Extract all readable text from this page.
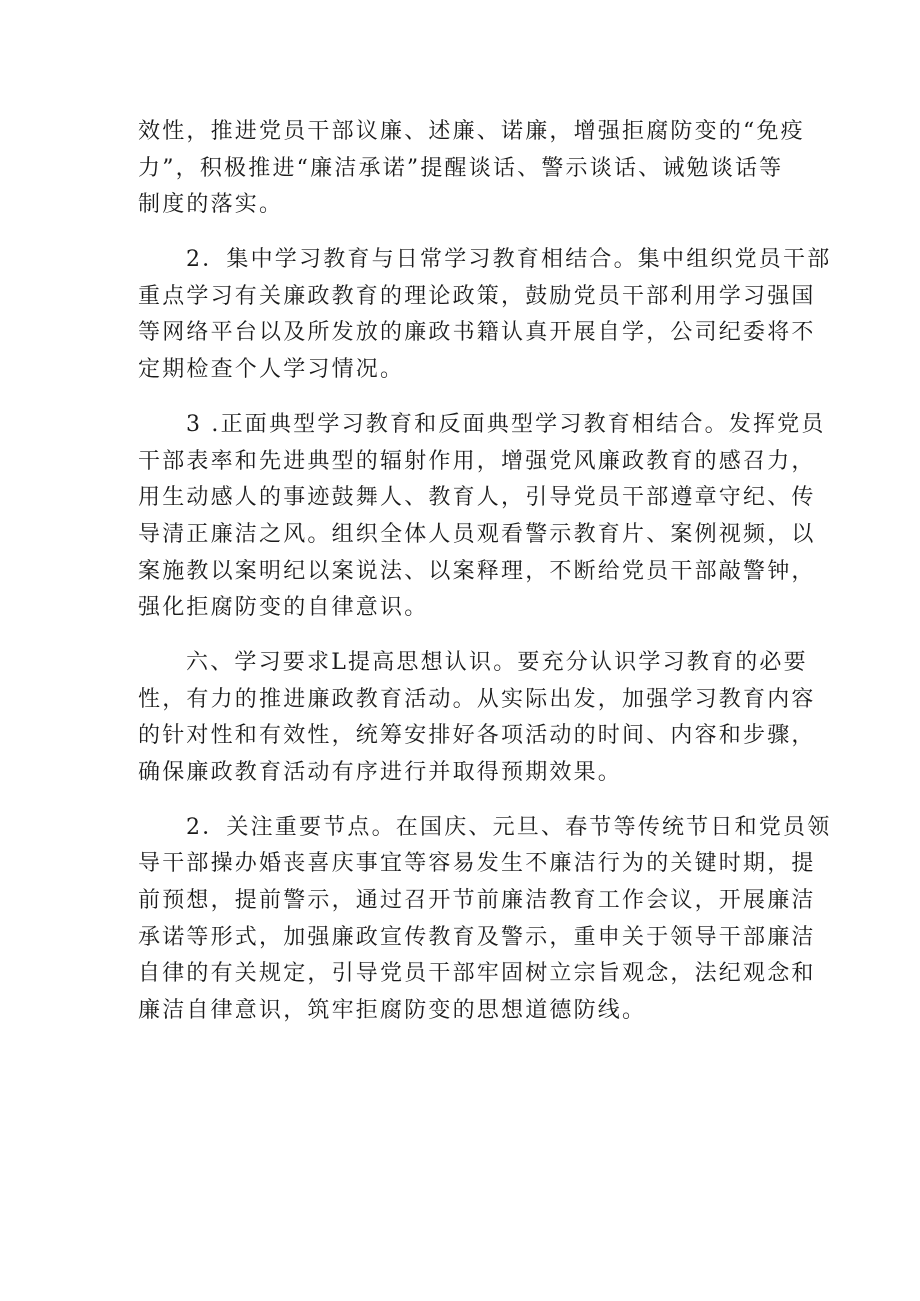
效性，推进党员干部议廉、述廉、诺廉，增强拒腐防变的“免疫
力”，积极推进“廉洁承诺”提醒谈话、警示谈话、诫勉谈话等
制度的落实。

2．集中学习教育与日常学习教育相结合。集中组织党员干部
重点学习有关廉政教育的理论政策，鼓励党员干部利用学习强国
等网络平台以及所发放的廉政书籍认真开展自学，公司纪委将不
定期检查个人学习情况。

3 .正面典型学习教育和反面典型学习教育相结合。发挥党员
干部表率和先进典型的辐射作用，增强党风廉政教育的感召力，
用生动感人的事迹鼓舞人、教育人，引导党员干部遵章守纪、传
导清正廉洁之风。组织全体人员观看警示教育片、案例视频，以
案施教以案明纪以案说法、以案释理，不断给党员干部敲警钟，
强化拒腐防变的自律意识。

六、学习要求L提高思想认识。要充分认识学习教育的必要
性，有力的推进廉政教育活动。从实际出发，加强学习教育内容
的针对性和有效性，统筹安排好各项活动的时间、内容和步骤，
确保廉政教育活动有序进行并取得预期效果。

2．关注重要节点。在国庆、元旦、春节等传统节日和党员领
导干部操办婚丧喜庆事宜等容易发生不廉洁行为的关键时期，提
前预想，提前警示，通过召开节前廉洁教育工作会议，开展廉洁
承诺等形式，加强廉政宣传教育及警示，重申关于领导干部廉洁
自律的有关规定，引导党员干部牢固树立宗旨观念，法纪观念和
廉洁自律意识，筑牢拒腐防变的思想道德防线。
